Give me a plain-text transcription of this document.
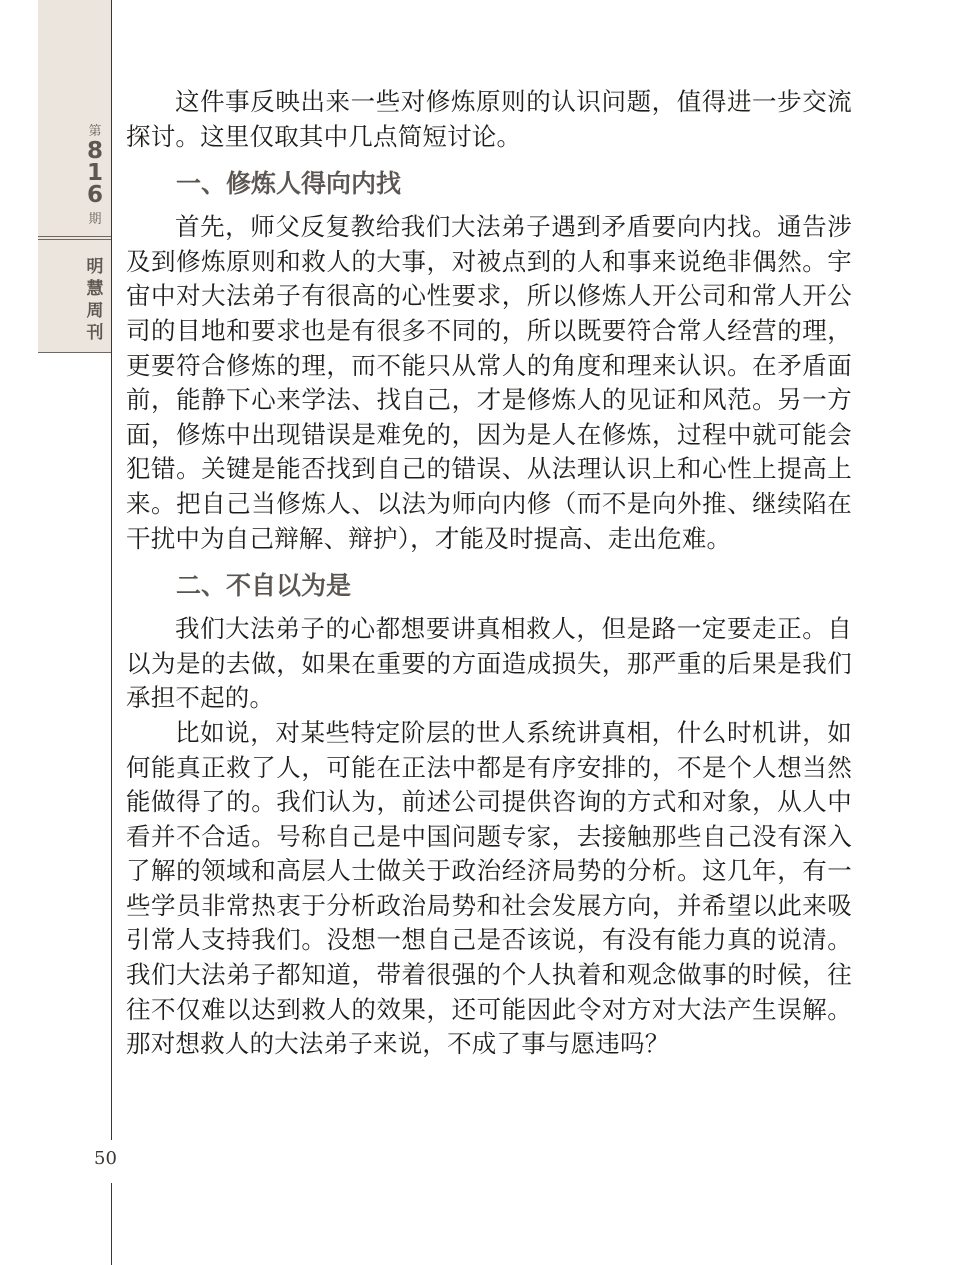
第
8
1
6
期
明
慧
周
刊

这件事反映出来一些对修炼原则的认识问题，值得进一步交流探讨。这里仅取其中几点简短讨论。

一、修炼人得向内找

首先，师父反复教给我们大法弟子遇到矛盾要向内找。通告涉及到修炼原则和救人的大事，对被点到的人和事来说绝非偶然。宇宙中对大法弟子有很高的心性要求，所以修炼人开公司和常人开公司的目地和要求也是有很多不同的，所以既要符合常人经营的理，更要符合修炼的理，而不能只从常人的角度和理来认识。在矛盾面前，能静下心来学法、找自己，才是修炼人的见证和风范。另一方面，修炼中出现错误是难免的，因为是人在修炼，过程中就可能会犯错。关键是能否找到自己的错误、从法理认识上和心性上提高上来。把自己当修炼人、以法为师向内修（而不是向外推、继续陷在干扰中为自己辩解、辩护），才能及时提高、走出危难。

二、不自以为是

我们大法弟子的心都想要讲真相救人，但是路一定要走正。自以为是的去做，如果在重要的方面造成损失，那严重的后果是我们承担不起的。

比如说，对某些特定阶层的世人系统讲真相，什么时机讲，如何能真正救了人，可能在正法中都是有序安排的，不是个人想当然能做得了的。我们认为，前述公司提供咨询的方式和对象，从人中看并不合适。号称自己是中国问题专家，去接触那些自己没有深入了解的领域和高层人士做关于政治经济局势的分析。这几年，有一些学员非常热衷于分析政治局势和社会发展方向，并希望以此来吸引常人支持我们。没想一想自己是否该说，有没有能力真的说清。我们大法弟子都知道，带着很强的个人执着和观念做事的时候，往往不仅难以达到救人的效果，还可能因此令对方对大法产生误解。那对想救人的大法弟子来说，不成了事与愿违吗？

50
